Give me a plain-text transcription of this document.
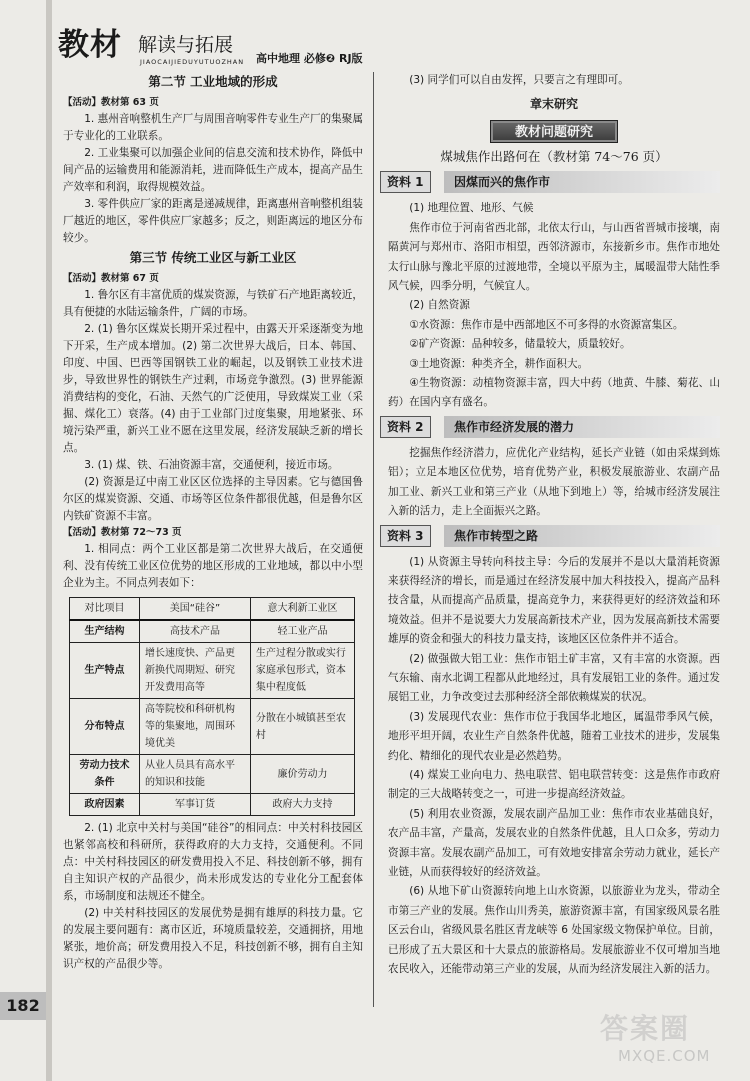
教材 解读与拓展
JIAOCAIJIEDUYUTUOZHAN 高中地理 必修❷ RJ版
第二节 工业地域的形成
【活动】教材第 63 页

1. 惠州音响整机生产厂与周围音响零件专业生产厂的集聚属于专业化的工业联系。

2. 工业集聚可以加强企业间的信息交流和技术协作，降低中间产品的运输费用和能源消耗，进而降低生产成本，提高产品生产效率和利润，取得规模效益。

3. 零件供应厂家的距离是递减规律，距离惠州音响整机组装厂越近的地区，零件供应厂家越多；反之，则距离远的地区分布较少。

第三节 传统工业区与新工业区
【活动】教材第 67 页

1. 鲁尔区有丰富优质的煤炭资源，与铁矿石产地距离较近，具有便捷的水陆运输条件，广阔的市场。

2. (1) 鲁尔区煤炭长期开采过程中，由露天开采逐渐变为地下开采，生产成本增加。(2) 第二次世界大战后，日本、韩国、印度、中国、巴西等国钢铁工业的崛起，以及钢铁工业技术进步，导致世界性的钢铁生产过剩，市场竞争激烈。(3) 世界能源消费结构的变化，石油、天然气的广泛使用，导致煤炭工业（采掘、煤化工）衰落。(4) 由于工业部门过度集聚，用地紧张、环境污染严重，新兴工业不愿在这里发展，经济发展缺乏新的增长点。

3. (1) 煤、铁、石油资源丰富，交通便利，接近市场。

(2) 资源是辽中南工业区区位选择的主导因素。它与德国鲁尔区的煤炭资源、交通、市场等区位条件都很优越，但是鲁尔区内铁矿资源不丰富。

【活动】教材第 72～73 页

1. 相同点：两个工业区都是第二次世界大战后，在交通便利、没有传统工业区位优势的地区形成的工业地域，都以中小型企业为主。不同点列表如下：

对比项目	美国“硅谷”	意大利新工业区
生产结构	高技术产品	轻工业产品
生产特点	增长速度快、产品更新换代周期短、研究开发费用高等	生产过程分散或实行家庭承包形式，资本集中程度低
分布特点	高等院校和科研机构等的集聚地，周围环境优美	分散在小城镇甚至农村
劳动力技术条件	从业人员具有高水平的知识和技能	廉价劳动力
政府因素	军事订货	政府大力支持

2. (1) 北京中关村与美国“硅谷”的相同点：中关村科技园区也紧邻高校和科研所，获得政府的大力支持，交通便利。不同点：中关村科技园区的研发费用投入不足、科技创新不够，拥有自主知识产权的产品很少，尚未形成发达的专业化分工配套体系，市场制度和法规还不健全。

(2) 中关村科技园区的发展优势是拥有雄厚的科技力量。它的发展主要问题有：离市区近，环境质量较差，交通拥挤，用地紧张，地价高；研发费用投入不足，科技创新不够，拥有自主知识产权的产品很少等。

(3) 同学们可以自由发挥，只要言之有理即可。

章末研究
教材问题研究
煤城焦作出路何在（教材第 74～76 页）
资料 1	因煤而兴的焦作市

(1) 地理位置、地形、气候

焦作市位于河南省西北部，北依太行山，与山西省晋城市接壤，南隔黄河与郑州市、洛阳市相望，西邻济源市，东接新乡市。焦作市地处太行山脉与豫北平原的过渡地带，全境以平原为主，属暖温带大陆性季风气候，四季分明，气候宜人。

(2) 自然资源

①水资源：焦作市是中西部地区不可多得的水资源富集区。

②矿产资源：品种较多，储量较大，质量较好。

③土地资源：种类齐全，耕作面积大。

④生物资源：动植物资源丰富，四大中药（地黄、牛膝、菊花、山药）在国内享有盛名。

资料 2	焦作市经济发展的潜力

挖掘焦作经济潜力，应优化产业结构，延长产业链（如由采煤到炼铝）；立足本地区位优势，培育优势产业，积极发展旅游业、农副产品加工业、新兴工业和第三产业（从地下到地上）等，给城市经济发展注入新的活力，走上全面振兴之路。

资料 3	焦作市转型之路

(1) 从资源主导转向科技主导：今后的发展并不是以大量消耗资源来获得经济的增长，而是通过在经济发展中加大科技投入，提高产品科技含量，从而提高产品质量，提高竞争力，来获得更好的经济效益和环境效益。但并不是说要大力发展高新技术产业，因为发展高新技术需要雄厚的资金和强大的科技力量支持，该地区区位条件并不适合。

(2) 做强做大铝工业：焦作市铝土矿丰富，又有丰富的水资源。西气东输、南水北调工程都从此地经过，具有发展铝工业的条件。通过发展铝工业，力争改变过去那种经济全部依赖煤炭的状况。

(3) 发展现代农业：焦作市位于我国华北地区，属温带季风气候，地形平坦开阔，农业生产自然条件优越，随着工业技术的进步，发展集约化、精细化的现代农业是必然趋势。

(4) 煤炭工业向电力、热电联营、铝电联营转变：这是焦作市政府制定的三大战略转变之一，可进一步提高经济效益。

(5) 利用农业资源，发展农副产品加工业：焦作市农业基础良好，农产品丰富，产量高，发展农业的自然条件优越，且人口众多，劳动力资源丰富。发展农副产品加工，可有效地安排富余劳动力就业，延长产业链，从而获得较好的经济效益。

(6) 从地下矿山资源转向地上山水资源，以旅游业为龙头，带动全市第三产业的发展。焦作山川秀美，旅游资源丰富，有国家级风景名胜区云台山，省级风景名胜区青龙峡等 6 处国家级文物保护单位。目前，已形成了五大景区和十大景点的旅游格局。发展旅游业不仅可增加当地农民收入，还能带动第三产业的发展，从而为经济发展注入新的活力。

182
答案圈
MXQE.COM
